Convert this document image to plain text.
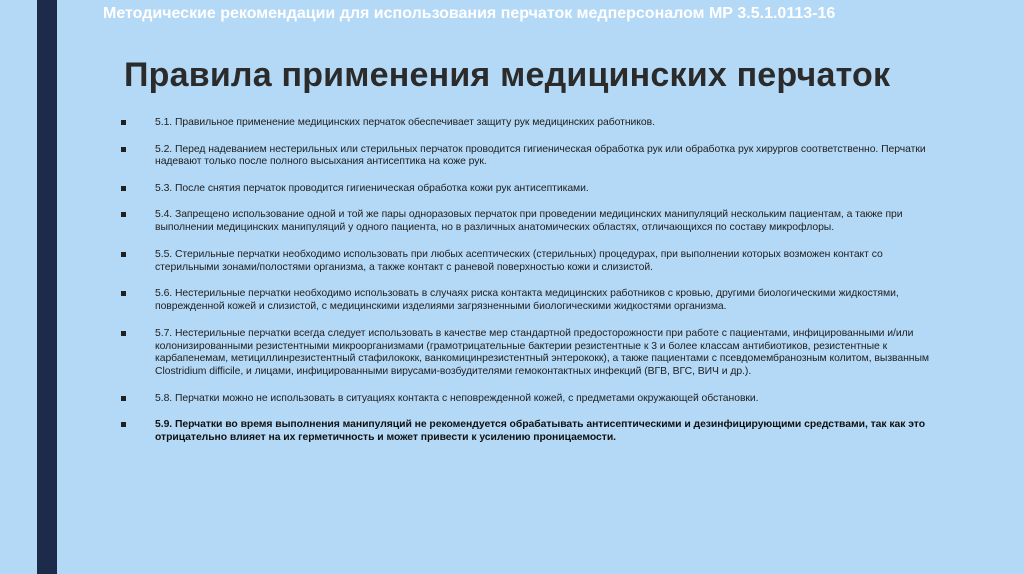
Методические рекомендации для использования перчаток медперсоналом МР 3.5.1.0113-16
Правила применения медицинских перчаток
5.1. Правильное применение медицинских перчаток обеспечивает защиту рук медицинских работников.
5.2. Перед надеванием нестерильных или стерильных перчаток проводится гигиеническая обработка рук или обработка рук хирургов соответственно. Перчатки надевают только после полного высыхания антисептика на коже рук.
5.3. После снятия перчаток проводится гигиеническая обработка кожи рук антисептиками.
5.4. Запрещено использование одной и той же пары одноразовых перчаток при проведении медицинских манипуляций нескольким пациентам, а также при выполнении медицинских манипуляций у одного пациента, но в различных анатомических областях, отличающихся по составу микрофлоры.
5.5. Стерильные перчатки необходимо использовать при любых асептических (стерильных) процедурах, при выполнении которых возможен контакт со стерильными зонами/полостями организма, а также контакт с раневой поверхностью кожи и слизистой.
5.6. Нестерильные перчатки необходимо использовать в случаях риска контакта медицинских работников с кровью, другими биологическими жидкостями, поврежденной кожей и слизистой, с медицинскими изделиями загрязненными биологическими жидкостями организма.
5.7. Нестерильные перчатки всегда следует использовать в качестве мер стандартной предосторожности при работе с пациентами, инфицированными и/или колонизированными резистентными микроорганизмами (грамотрицательные бактерии резистентные к 3 и более классам антибиотиков, резистентные к карбапенемам, метициллинрезистентный стафилококк, ванкомицинрезистентный энтерококк), а также пациентами с псевдомембранозным колитом, вызванным Clostridium difficile, и лицами, инфицированными вирусами-возбудителями гемоконтактных инфекций (ВГВ, ВГС, ВИЧ и др.).
5.8. Перчатки можно не использовать в ситуациях контакта с неповрежденной кожей, с предметами окружающей обстановки.
5.9. Перчатки во время выполнения манипуляций не рекомендуется обрабатывать антисептическими и дезинфицирующими средствами, так как это отрицательно влияет на их герметичность и может привести к усилению проницаемости.
